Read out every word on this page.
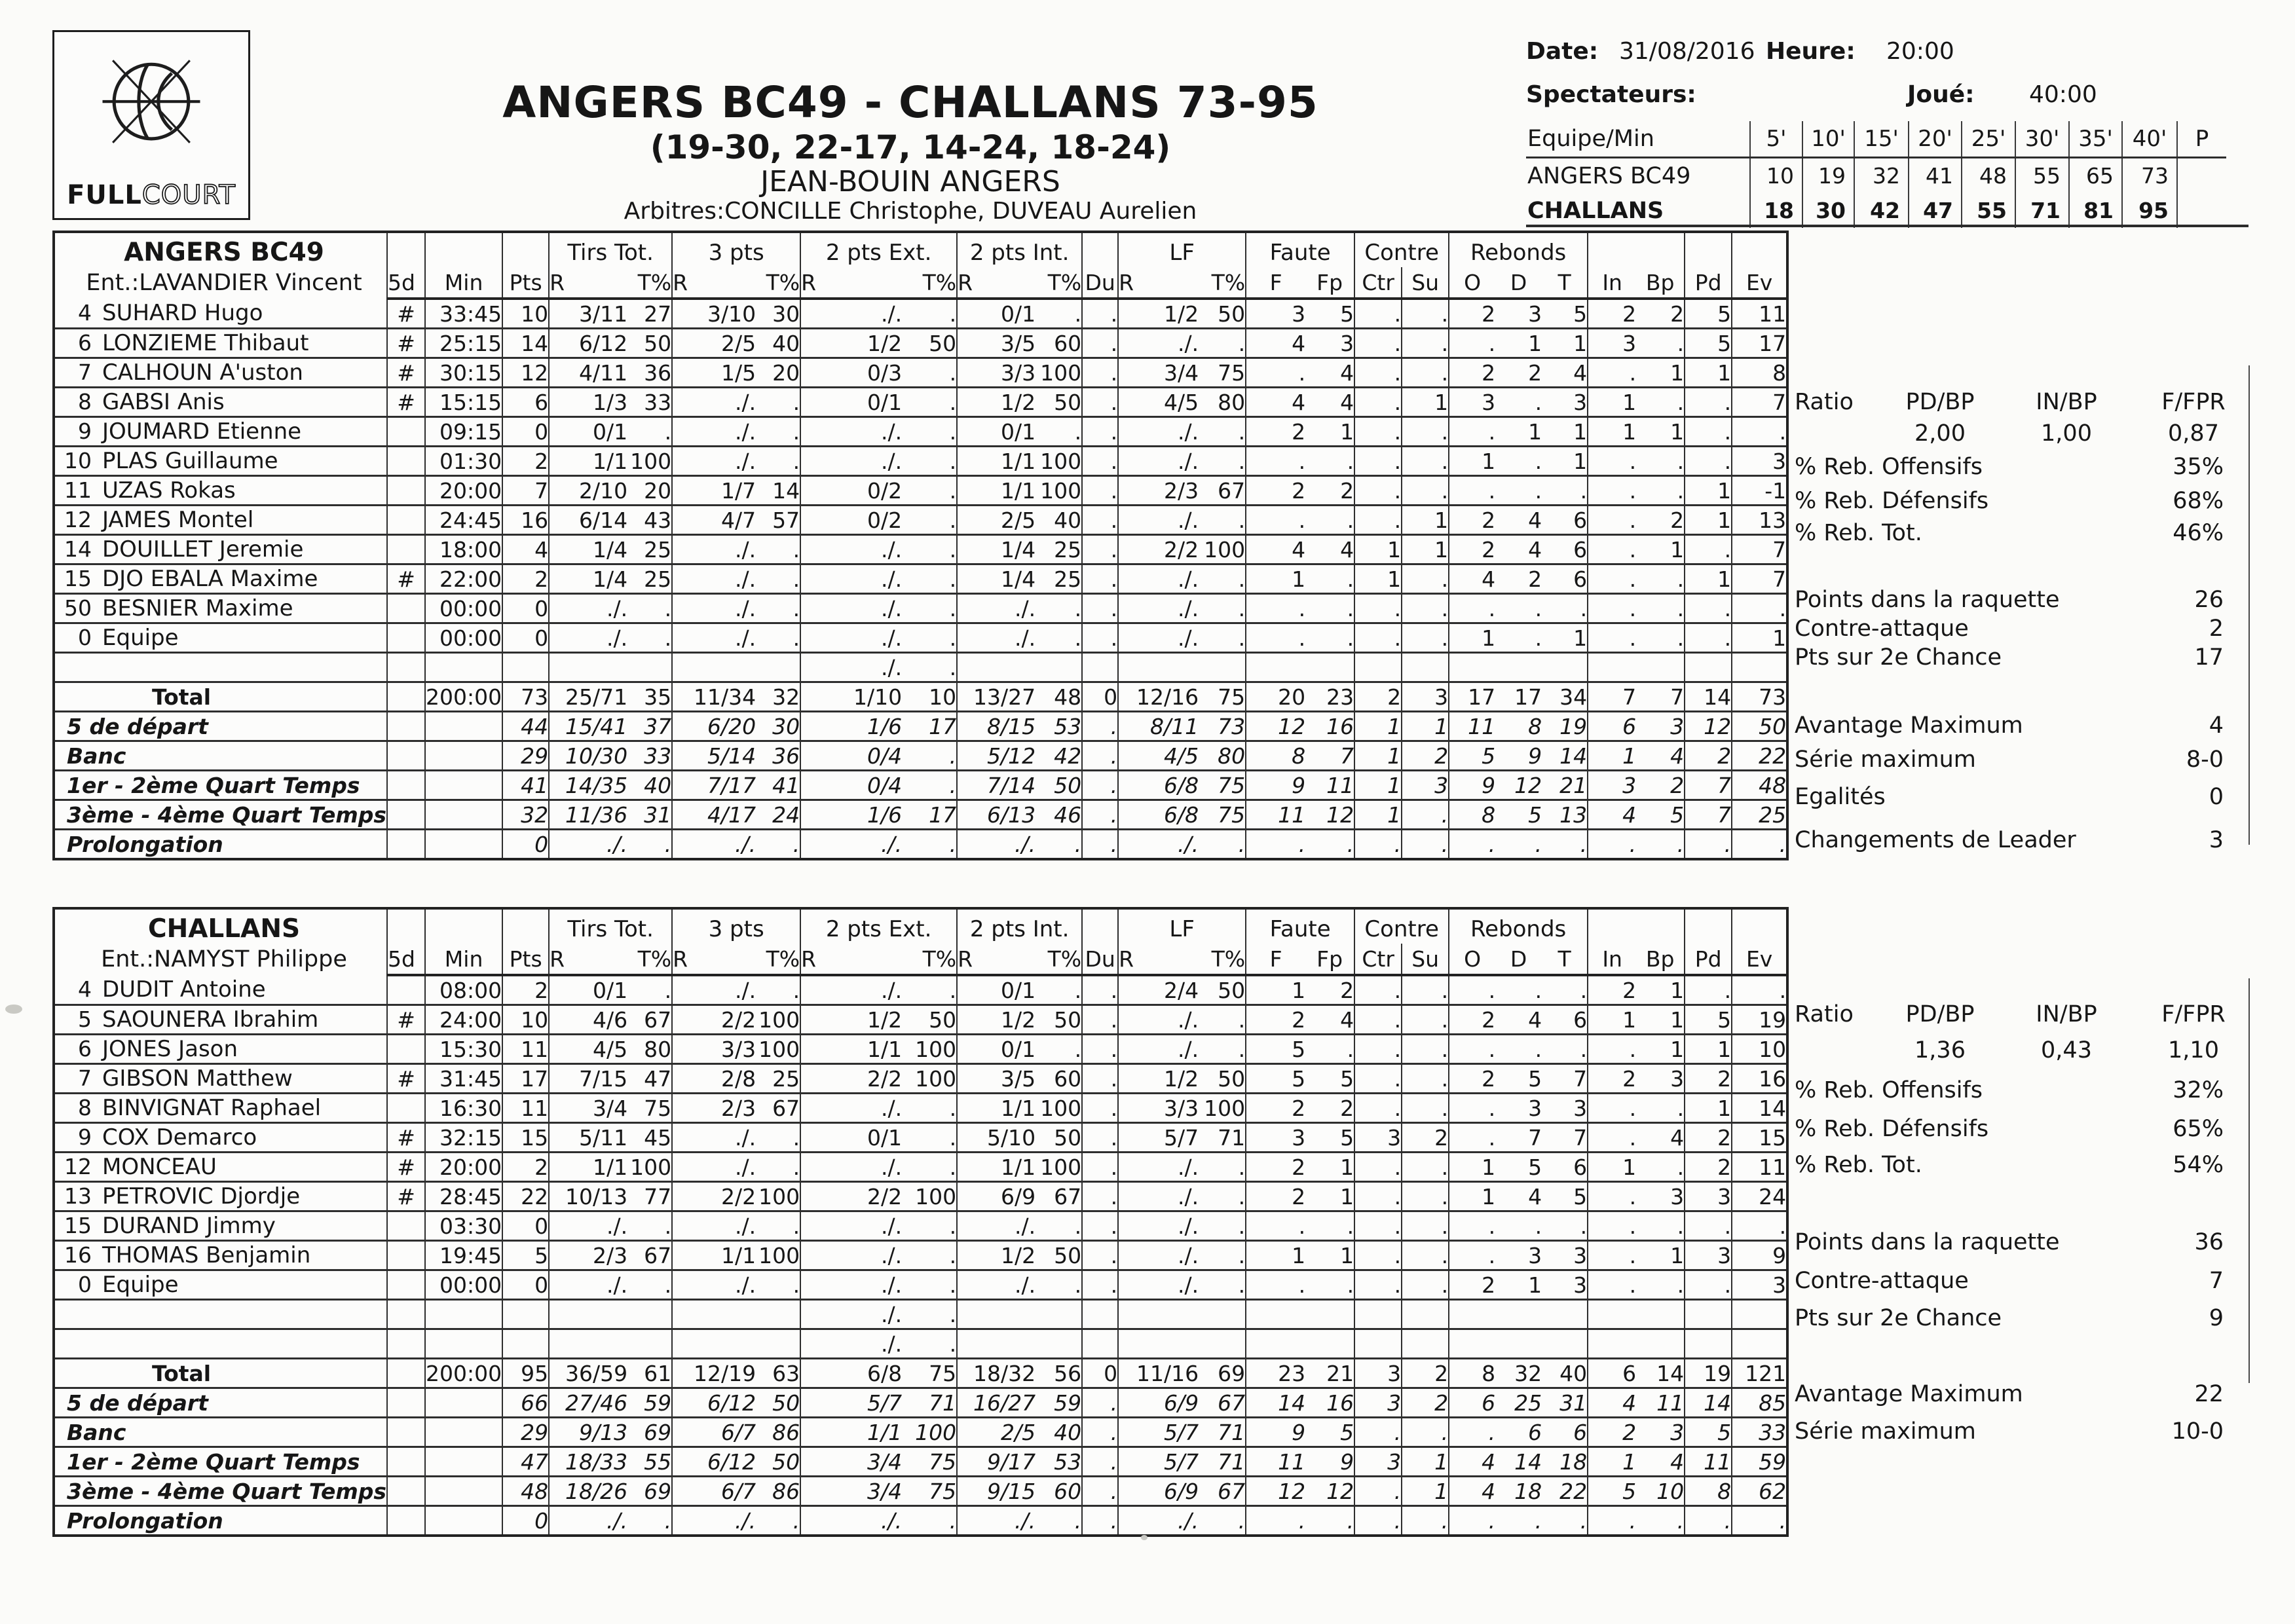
FULLCOURT
ANGERS BC49 - CHALLANS 73-95
(19-30, 22-17, 14-24, 18-24)
JEAN-BOUIN ANGERS
Arbitres:CONCILLE Christophe, DUVEAU Aurelien
Date: 31/08/2016 Heure: 20:00
Spectateurs:	Joué: 40:00
Equipe/Min	5'	10'	15'	20'	25'	30'	35'	40'	P
ANGERS BC49	10	19	32	41	48	55	65	73	
CHALLANS	18	30	42	47	55	71	81	95	
ANGERS BC49
Ent.:LAVANDIER Vincent				Tirs Tot.		3 pts		2 pts Ext.		2 pts Int.			LF		Faute		Contre		Rebonds						
	5d	Min	Pts	R	T%	R	T%	R	T%	R	T%	Du	R	T%	F	Fp	Ctr	Su	O	D	T	In	Bp	Pd	Ev
4 SUHARD Hugo	#	33:45	10	3/11	27	3/10	30	./.	.	0/1	.	.	1/2	50	3	5	.	.	2	3	5	2	2	5	11
6 LONZIEME Thibaut	#	25:15	14	6/12	50	2/5	40	1/2	50	3/5	60	.	./.	.	4	3	.	.	.	1	1	3	.	5	17
7 CALHOUN A'uston	#	30:15	12	4/11	36	1/5	20	0/3	.	3/3	100	.	3/4	75	.	4	.	.	2	2	4	.	1	1	8
8 GABSI Anis	#	15:15	6	1/3	33	./.	.	0/1	.	1/2	50	.	4/5	80	4	4	.	1	3	.	3	1	.	.	7
9 JOUMARD Etienne		09:15	0	0/1	.	./.	.	./.	.	0/1	.	.	./.	.	2	1	.	.	.	1	1	1	1	.	.
10 PLAS Guillaume		01:30	2	1/1	100	./.	.	./.	.	1/1	100	.	./.	.	.	.	.	.	1	.	1	.	.	.	3
11 UZAS Rokas		20:00	7	2/10	20	1/7	14	0/2	.	1/1	100	.	2/3	67	2	2	.	.	.	.	.	.	.	1	-1
12 JAMES Montel		24:45	16	6/14	43	4/7	57	0/2	.	2/5	40	.	./.	.	.	.	.	1	2	4	6	.	2	1	13
14 DOUILLET Jeremie		18:00	4	1/4	25	./.	.	./.	.	1/4	25	.	2/2	100	4	4	1	1	2	4	6	.	1	.	7
15 DJO EBALA Maxime	#	22:00	2	1/4	25	./.	.	./.	.	1/4	25	.	./.	.	1	.	1	.	4	2	6	.	.	1	7
50 BESNIER Maxime		00:00	0	./.	.	./.	.	./.	.	./.	.	.	./.	.	.	.	.	.	.	.	.	.	.	.	.
0 Equipe		00:00	0	./.	.	./.	.	./.	.	./.	.	.	./.	.	.	.	.	.	1	.	1	.	.	.	1
								./.	.																
Total		200:00	73	25/71	35	11/34	32	1/10	10	13/27	48	0	12/16	75	20	23	2	3	17	17	34	7	7	14	73
5 de départ			44	15/41	37	6/20	30	1/6	17	8/15	53	.	8/11	73	12	16	1	1	11	8	19	6	3	12	50
Banc			29	10/30	33	5/14	36	0/4	.	5/12	42	.	4/5	80	8	7	1	2	5	9	14	1	4	2	22
1er - 2ème Quart Temps			41	14/35	40	7/17	41	0/4	.	7/14	50	.	6/8	75	9	11	1	3	9	12	21	3	2	7	48
3ème - 4ème Quart Temps			32	11/36	31	4/17	24	1/6	17	6/13	46	.	6/8	75	11	12	1	.	8	5	13	4	5	7	25
Prolongation			0	./.	.	./.	.	./.	.	./.	.	.	./.	.	.	.	.	.	.	.	.	.	.	.	.
CHALLANS
Ent.:NAMYST Philippe				Tirs Tot.		3 pts		2 pts Ext.		2 pts Int.			LF		Faute		Contre		Rebonds						
	5d	Min	Pts	R	T%	R	T%	R	T%	R	T%	Du	R	T%	F	Fp	Ctr	Su	O	D	T	In	Bp	Pd	Ev
4 DUDIT Antoine		08:00	2	0/1	.	./.	.	./.	.	0/1	.	.	2/4	50	1	2	.	.	.	.	.	2	1	.	.
5 SAOUNERA Ibrahim	#	24:00	10	4/6	67	2/2	100	1/2	50	1/2	50	.	./.	.	2	4	.	.	2	4	6	1	1	5	19
6 JONES Jason		15:30	11	4/5	80	3/3	100	1/1	100	0/1	.	.	./.	.	5	.	.	.	.	.	.	.	1	1	10
7 GIBSON Matthew	#	31:45	17	7/15	47	2/8	25	2/2	100	3/5	60	.	1/2	50	5	5	.	.	2	5	7	2	3	2	16
8 BINVIGNAT Raphael		16:30	11	3/4	75	2/3	67	./.	.	1/1	100	.	3/3	100	2	2	.	.	.	3	3	.	.	1	14
9 COX Demarco	#	32:15	15	5/11	45	./.	.	0/1	.	5/10	50	.	5/7	71	3	5	3	2	.	7	7	.	4	2	15
12 MONCEAU	#	20:00	2	1/1	100	./.	.	./.	.	1/1	100	.	./.	.	2	1	.	.	1	5	6	1	.	2	11
13 PETROVIC Djordje	#	28:45	22	10/13	77	2/2	100	2/2	100	6/9	67	.	./.	.	2	1	.	.	1	4	5	.	3	3	24
15 DURAND Jimmy		03:30	0	./.	.	./.	.	./.	.	./.	.	.	./.	.	.	.	.	.	.	.	.	.	.	.	.
16 THOMAS Benjamin		19:45	5	2/3	67	1/1	100	./.	.	1/2	50	.	./.	.	1	1	.	.	.	3	3	.	1	3	9
0 Equipe		00:00	0	./.	.	./.	.	./.	.	./.	.	.	./.	.	.	.	.	.	2	1	3	.	.	.	3
								./.	.																
								./.	.																
Total		200:00	95	36/59	61	12/19	63	6/8	75	18/32	56	0	11/16	69	23	21	3	2	8	32	40	6	14	19	121
5 de départ			66	27/46	59	6/12	50	5/7	71	16/27	59	.	6/9	67	14	16	3	2	6	25	31	4	11	14	85
Banc			29	9/13	69	6/7	86	1/1	100	2/5	40	.	5/7	71	9	5	.	.	.	6	6	2	3	5	33
1er - 2ème Quart Temps			47	18/33	55	6/12	50	3/4	75	9/17	53	.	5/7	71	11	9	3	1	4	14	18	1	4	11	59
3ème - 4ème Quart Temps			48	18/26	69	6/7	86	3/4	75	9/15	60	.	6/9	67	12	12	.	1	4	18	22	5	10	8	62
Prolongation			0	./.	.	./.	.	./.	.	./.	.	.	./.	.	.	.	.	.	.	.	.	.	.	.	.
Ratio PD/BP	IN/BP	F/FPR
2,00	1,00	0,87
% Reb. Offensifs	35%
% Reb. Défensifs	68%
% Reb. Tot.	46%
Points dans la raquette	26
Contre-attaque	2
Pts sur 2e Chance	17
Avantage Maximum	4
Série maximum	8-0
Egalités	0
Changements de Leader	3
Ratio PD/BP	IN/BP	F/FPR
1,36	0,43	1,10
% Reb. Offensifs	32%
% Reb. Défensifs	65%
% Reb. Tot.	54%
Points dans la raquette	36
Contre-attaque	7
Pts sur 2e Chance	9
Avantage Maximum	22
Série maximum	10-0
